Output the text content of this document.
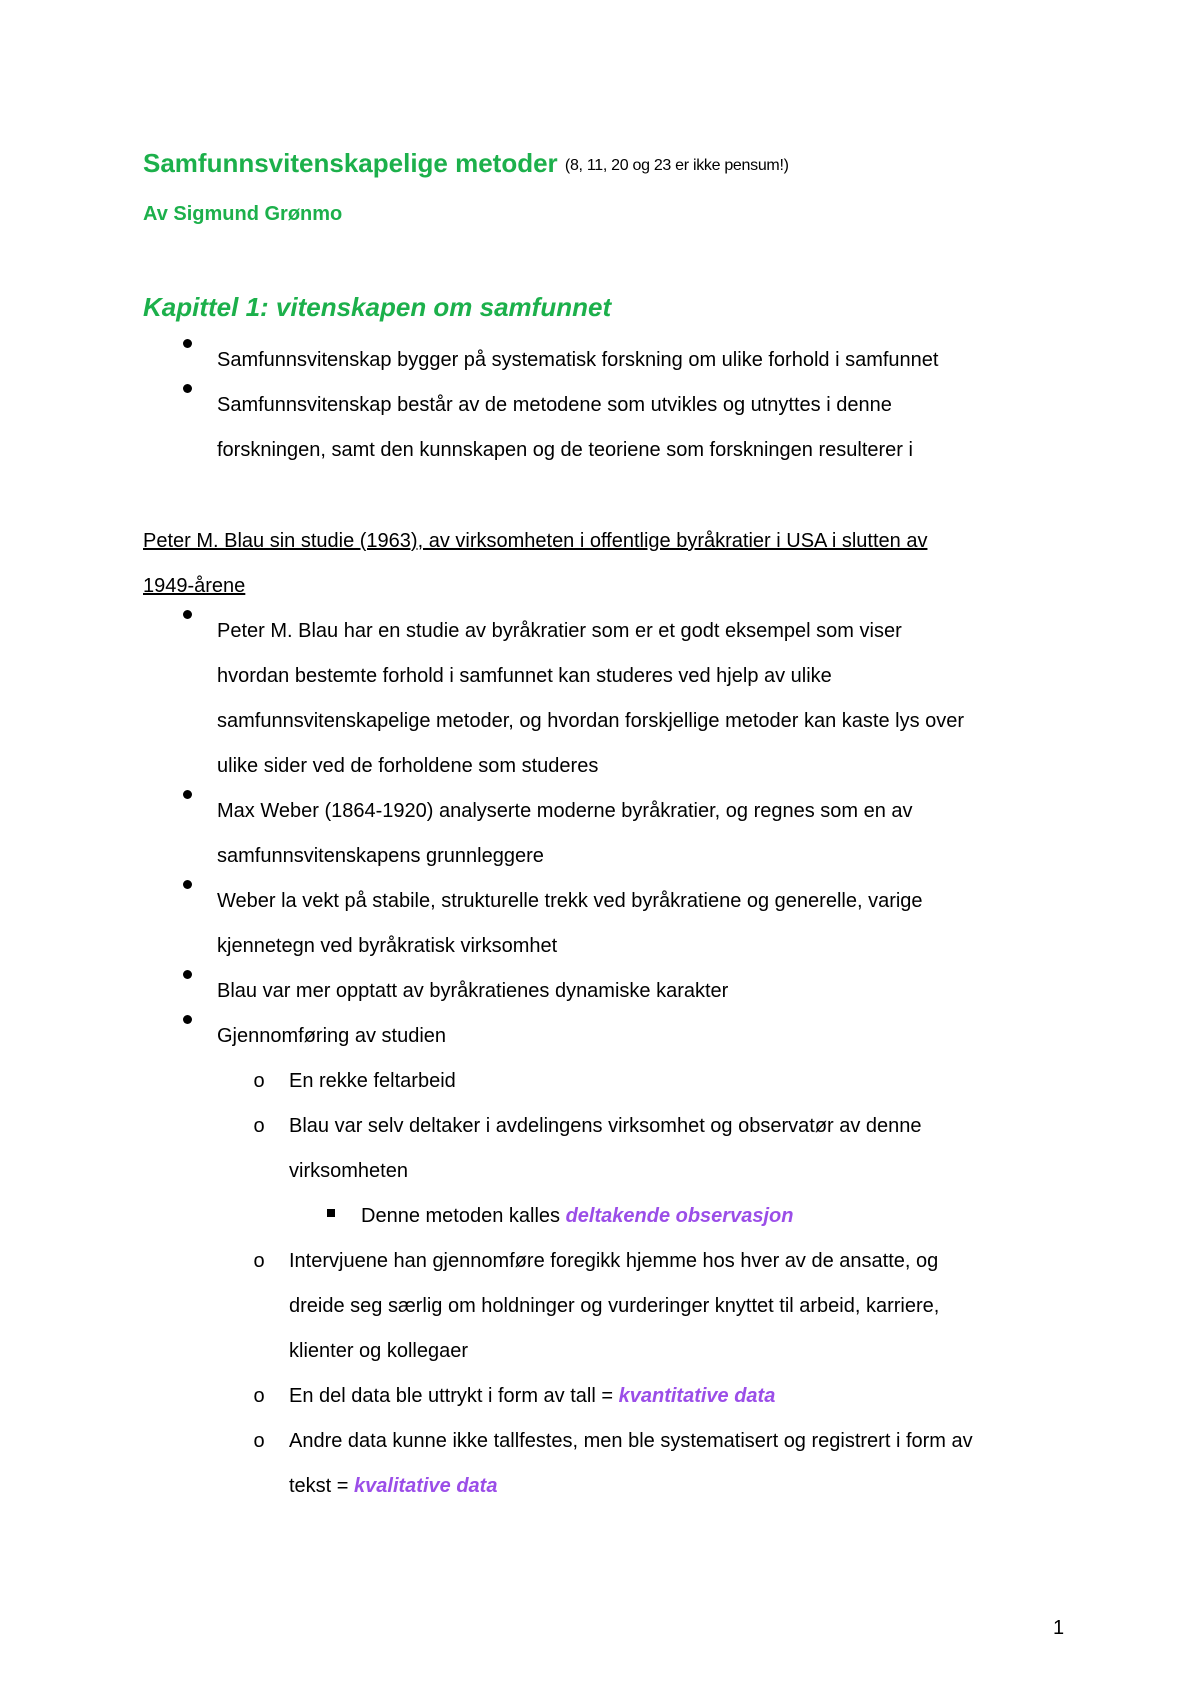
Samfunnsvitenskapelige metoder (8, 11, 20 og 23 er ikke pensum!)
Av Sigmund Grønmo
Kapittel 1: vitenskapen om samfunnet
Samfunnsvitenskap bygger på systematisk forskning om ulike forhold i samfunnet
Samfunnsvitenskap består av de metodene som utvikles og utnyttes i denne
forskningen, samt den kunnskapen og de teoriene som forskningen resulterer i
Peter M. Blau sin studie (1963), av virksomheten i offentlige byråkratier i USA i slutten av
1949-årene
Peter M. Blau har en studie av byråkratier som er et godt eksempel som viser
hvordan bestemte forhold i samfunnet kan studeres ved hjelp av ulike
samfunnsvitenskapelige metoder, og hvordan forskjellige metoder kan kaste lys over
ulike sider ved de forholdene som studeres
Max Weber (1864-1920) analyserte moderne byråkratier, og regnes som en av
samfunnsvitenskapens grunnleggere
Weber la vekt på stabile, strukturelle trekk ved byråkratiene og generelle, varige
kjennetegn ved byråkratisk virksomhet
Blau var mer opptatt av byråkratienes dynamiske karakter
Gjennomføring av studien
o En rekke feltarbeid
o Blau var selv deltaker i avdelingens virksomhet og observatør av denne
virksomheten
Denne metoden kalles deltakende observasjon
o Intervjuene han gjennomføre foregikk hjemme hos hver av de ansatte, og
dreide seg særlig om holdninger og vurderinger knyttet til arbeid, karriere,
klienter og kollegaer
o En del data ble uttrykt i form av tall = kvantitative data
o Andre data kunne ikke tallfestes, men ble systematisert og registrert i form av
tekst = kvalitative data
1
